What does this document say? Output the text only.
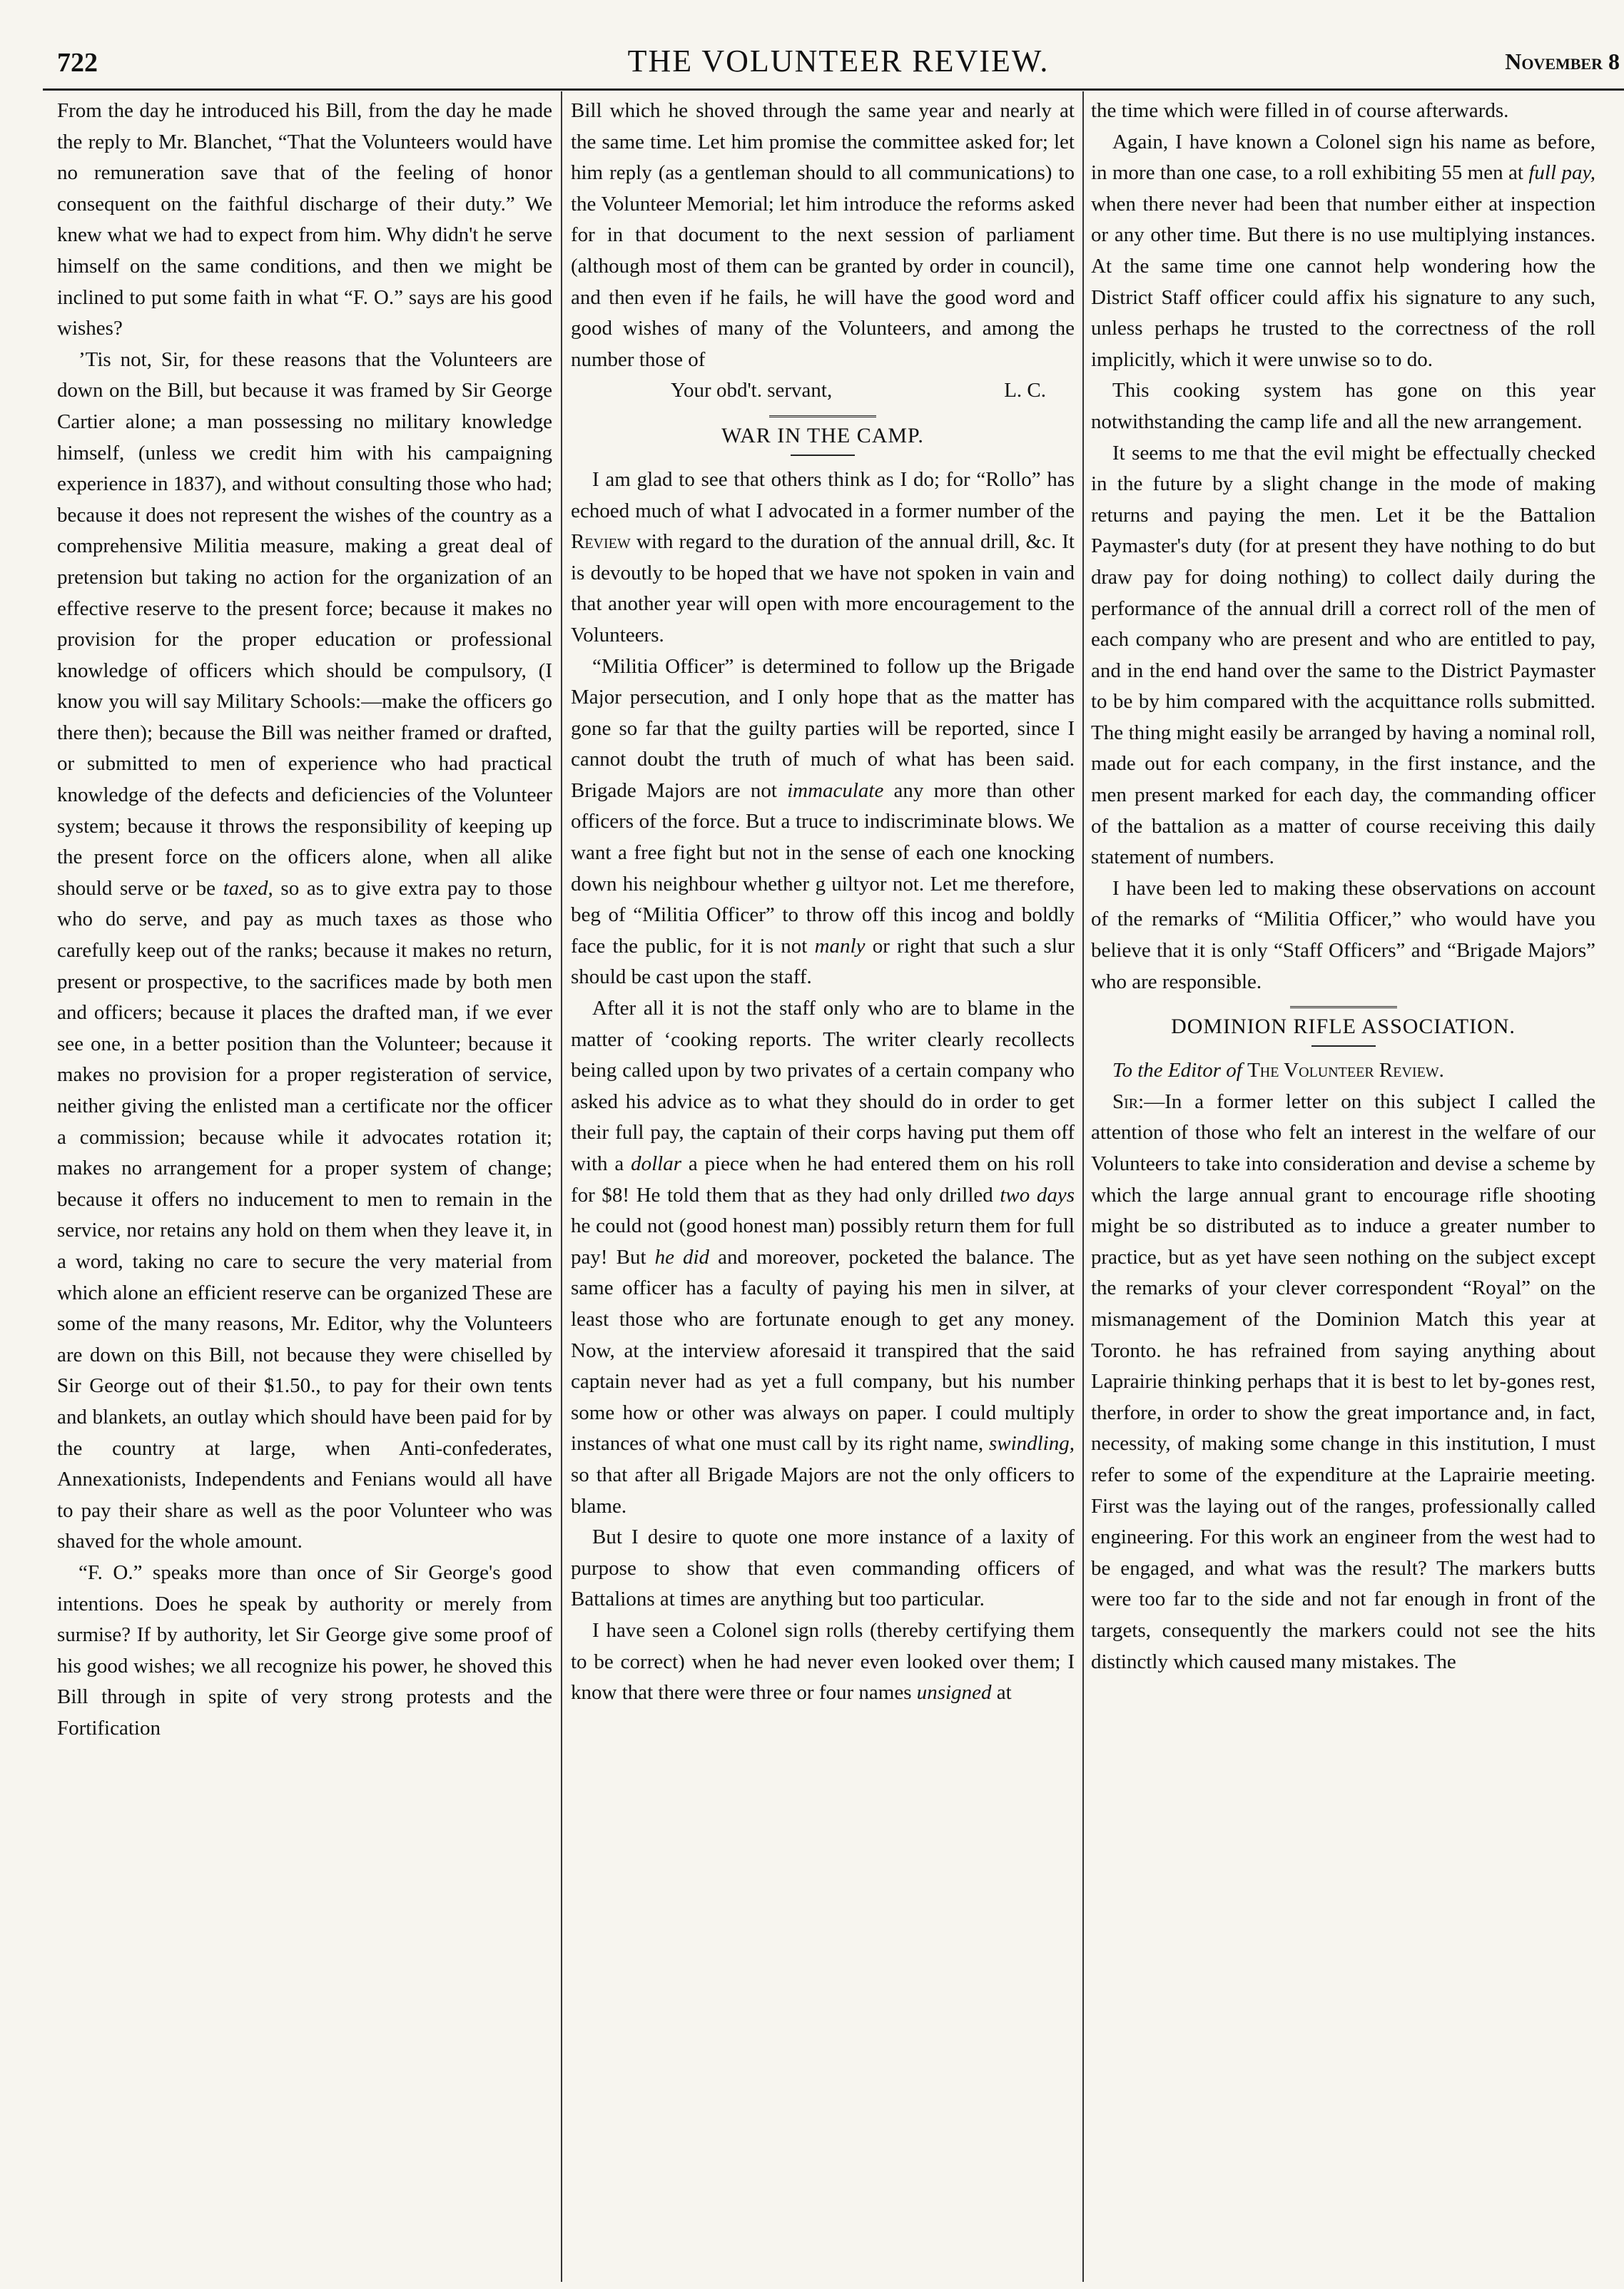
722	THE VOLUNTEER REVIEW.	November 8

From the day he introduced his Bill, from the day he made the reply to Mr. Blanchet, “That the Volunteers would have no remuneration save that of the feeling of honor consequent on the faithful discharge of their duty.” We knew what we had to expect from him. Why didn't he serve himself on the same conditions, and then we might be inclined to put some faith in what “F. O.” says are his good wishes?

’Tis not, Sir, for these reasons that the Volunteers are down on the Bill, but because it was framed by Sir George Cartier alone; a man possessing no military knowledge himself, (unless we credit him with his campaigning experience in 1837), and without consulting those who had; because it does not represent the wishes of the country as a comprehensive Militia measure, making a great deal of pretension but taking no action for the organization of an effective reserve to the present force; because it makes no provision for the proper education or professional knowledge of officers which should be compulsory, (I know you will say Military Schools:—make the officers go there then); because the Bill was neither framed or drafted, or submitted to men of experience who had practical knowledge of the defects and deficiencies of the Volunteer system; because it throws the responsibility of keeping up the present force on the officers alone, when all alike should serve or be taxed, so as to give extra pay to those who do serve, and pay as much taxes as those who carefully keep out of the ranks; because it makes no return, present or prospective, to the sacrifices made by both men and officers; because it places the drafted man, if we ever see one, in a better position than the Volunteer; because it makes no provision for a proper registeration of service, neither giving the enlisted man a certificate nor the officer a commission; because while it advocates rotation it; makes no arrangement for a proper system of change; because it offers no inducement to men to remain in the service, nor retains any hold on them when they leave it, in a word, taking no care to secure the very material from which alone an efficient reserve can be organized These are some of the many reasons, Mr. Editor, why the Volunteers are down on this Bill, not because they were chiselled by Sir George out of their $1.50., to pay for their own tents and blankets, an outlay which should have been paid for by the country at large, when Anti-confederates, Annexationists, Independents and Fenians would all have to pay their share as well as the poor Volunteer who was shaved for the whole amount.

“F. O.” speaks more than once of Sir George's good intentions. Does he speak by authority or merely from surmise? If by authority, let Sir George give some proof of his good wishes; we all recognize his power, he shoved this Bill through in spite of very strong protests and the Fortification

Bill which he shoved through the same year and nearly at the same time. Let him promise the committee asked for; let him reply (as a gentleman should to all communications) to the Volunteer Memorial; let him introduce the reforms asked for in that document to the next session of parliament (although most of them can be granted by order in council), and then even if he fails, he will have the good word and good wishes of many of the Volunteers, and among the number those of

Your obd't. servant,	L. C.
WAR IN THE CAMP.

I am glad to see that others think as I do; for “Rollo” has echoed much of what I advocated in a former number of the Review with regard to the duration of the annual drill, &c. It is devoutly to be hoped that we have not spoken in vain and that another year will open with more encouragement to the Volunteers.

“Militia Officer” is determined to follow up the Brigade Major persecution, and I only hope that as the matter has gone so far that the guilty parties will be reported, since I cannot doubt the truth of much of what has been said. Brigade Majors are not immaculate any more than other officers of the force. But a truce to indiscriminate blows. We want a free fight but not in the sense of each one knocking down his neighbour whether g uiltyor not. Let me therefore, beg of “Militia Officer” to throw off this incog and boldly face the public, for it is not manly or right that such a slur should be cast upon the staff.

After all it is not the staff only who are to blame in the matter of ‘cooking reports. The writer clearly recollects being called upon by two privates of a certain company who asked his advice as to what they should do in order to get their full pay, the captain of their corps having put them off with a dollar a piece when he had entered them on his roll for $8! He told them that as they had only drilled two days he could not (good honest man) possibly return them for full pay! But he did and moreover, pocketed the balance. The same officer has a faculty of paying his men in silver, at least those who are fortunate enough to get any money. Now, at the interview aforesaid it transpired that the said captain never had as yet a full company, but his number some how or other was always on paper. I could multiply instances of what one must call by its right name, swindling, so that after all Brigade Majors are not the only officers to blame.

But I desire to quote one more instance of a laxity of purpose to show that even commanding officers of Battalions at times are anything but too particular.

I have seen a Colonel sign rolls (thereby certifying them to be correct) when he had never even looked over them; I know that there were three or four names unsigned at

the time which were filled in of course afterwards.

Again, I have known a Colonel sign his name as before, in more than one case, to a roll exhibiting 55 men at full pay, when there never had been that number either at inspection or any other time. But there is no use multiplying instances. At the same time one cannot help wondering how the District Staff officer could affix his signature to any such, unless perhaps he trusted to the correctness of the roll implicitly, which it were unwise so to do.

This cooking system has gone on this year notwithstanding the camp life and all the new arrangement.

It seems to me that the evil might be effectually checked in the future by a slight change in the mode of making returns and paying the men. Let it be the Battalion Paymaster's duty (for at present they have nothing to do but draw pay for doing nothing) to collect daily during the performance of the annual drill a correct roll of the men of each company who are present and who are entitled to pay, and in the end hand over the same to the District Paymaster to be by him compared with the acquittance rolls submitted. The thing might easily be arranged by having a nominal roll, made out for each company, in the first instance, and the men present marked for each day, the commanding officer of the battalion as a matter of course receiving this daily statement of numbers.

I have been led to making these observations on account of the remarks of “Militia Officer,” who would have you believe that it is only “Staff Officers” and “Brigade Majors” who are responsible.

DOMINION RIFLE ASSOCIATION.

To the Editor of The Volunteer Review.

Sir:—In a former letter on this subject I called the attention of those who felt an interest in the welfare of our Volunteers to take into consideration and devise a scheme by which the large annual grant to encourage rifle shooting might be so distributed as to induce a greater number to practice, but as yet have seen nothing on the subject except the remarks of your clever correspondent “Royal” on the mismanagement of the Dominion Match this year at Toronto. he has refrained from saying anything about Laprairie thinking perhaps that it is best to let by-gones rest, therfore, in order to show the great importance and, in fact, necessity, of making some change in this institution, I must refer to some of the expenditure at the Laprairie meeting. First was the laying out of the ranges, professionally called engineering. For this work an engineer from the west had to be engaged, and what was the result? The markers butts were too far to the side and not far enough in front of the targets, consequently the markers could not see the hits distinctly which caused many mistakes. The
